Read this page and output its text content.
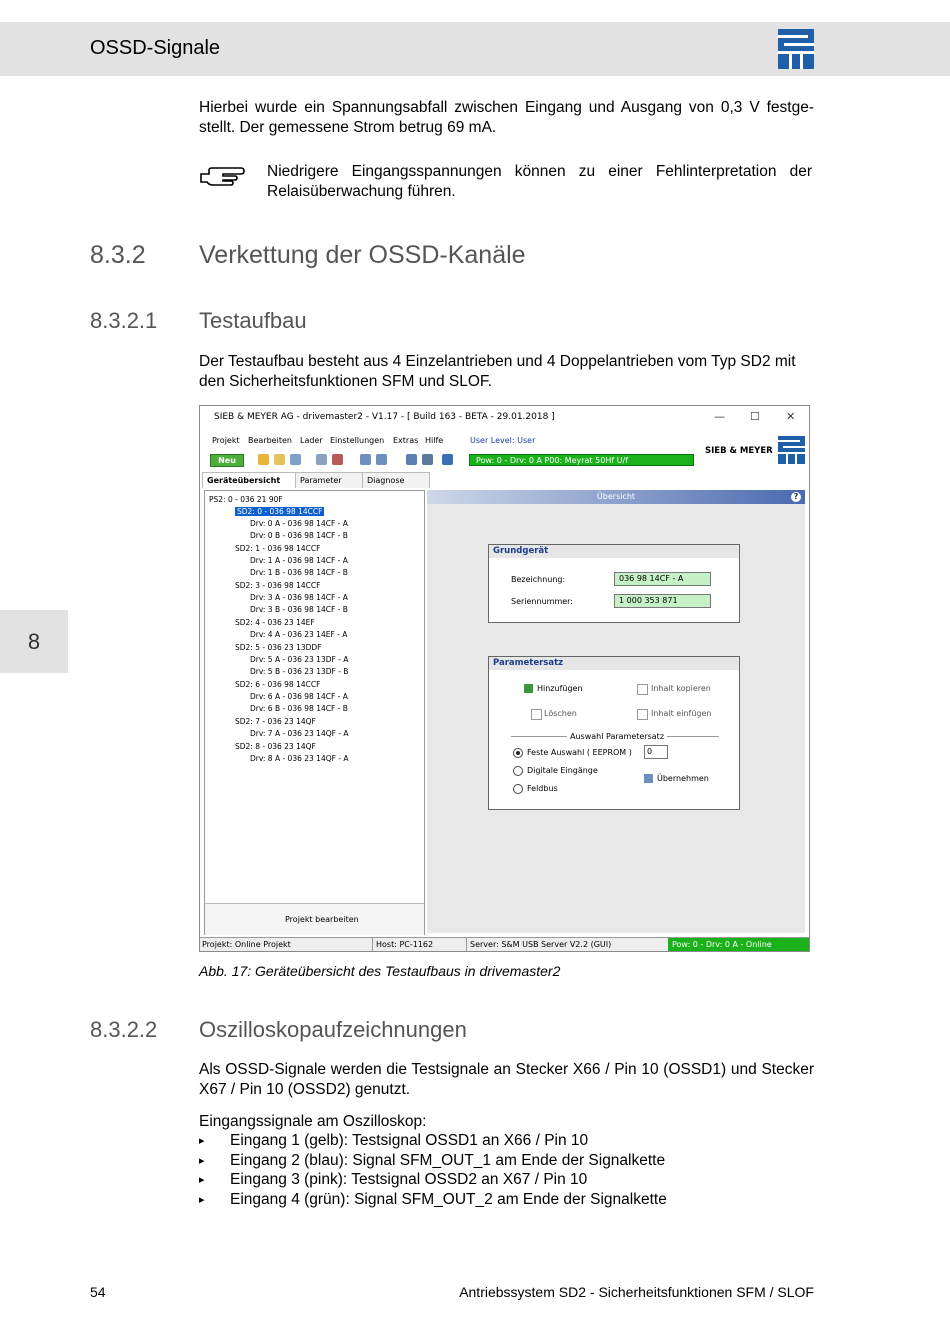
OSSD-Signale
8
Hierbei wurde ein Spannungsabfall zwischen Eingang und Ausgang von 0,3 V festge-stellt. Der gemessene Strom betrug 69 mA.
Niedrigere Eingangsspannungen können zu einer Fehlinterpretation der Relaisüberwachung führen.
8.3.2 Verkettung der OSSD-Kanäle
8.3.2.1 Testaufbau
Der Testaufbau besteht aus 4 Einzelantrieben und 4 Doppelantrieben vom Typ SD2 mit den Sicherheitsfunktionen SFM und SLOF.
SIEB & MEYER AG - drivemaster2 - V1.17 - [ Build 163 - BETA - 29.01.2018 ]	— ☐ ✕
Projekt Bearbeiten Lader Einstellungen Extras Hilfe	User Level: User
Neu	Pow: 0 - Drv: 0 A P00: Meyrat 50Hf U/f
SIEB & MEYER
Geräteübersicht	Parameter	Diagnose
PS2: 0 - 036 21 90F
SD2: 0 - 036 98 14CCF
Drv: 0 A - 036 98 14CF - A
Drv: 0 B - 036 98 14CF - B
SD2: 1 - 036 98 14CCF
Drv: 1 A - 036 98 14CF - A
Drv: 1 B - 036 98 14CF - B
SD2: 3 - 036 98 14CCF
Drv: 3 A - 036 98 14CF - A
Drv: 3 B - 036 98 14CF - B
SD2: 4 - 036 23 14EF
Drv: 4 A - 036 23 14EF - A
SD2: 5 - 036 23 13DDF
Drv: 5 A - 036 23 13DF - A
Drv: 5 B - 036 23 13DF - B
SD2: 6 - 036 98 14CCF
Drv: 6 A - 036 98 14CF - A
Drv: 6 B - 036 98 14CF - B
SD2: 7 - 036 23 14QF
Drv: 7 A - 036 23 14QF - A
SD2: 8 - 036 23 14QF
Drv: 8 A - 036 23 14QF - A
Projekt bearbeiten
Übersicht	?
Grundgerät
Bezeichnung:	036 98 14CF - A
Seriennummer:	1 000 353 871
Parametersatz
Hinzufügen	Inhalt kopieren
Löschen	Inhalt einfügen
Auswahl Parametersatz
Feste Auswahl ( EEPROM )	0
Digitale Eingänge
Feldbus
Übernehmen
Projekt: Online Projekt	Host: PC-1162	Server: S&M USB Server V2.2 (GUI)	Pow: 0 - Drv: 0 A - Online
Abb. 17: Geräteübersicht des Testaufbaus in drivemaster2
8.3.2.2 Oszilloskopaufzeichnungen
Als OSSD-Signale werden die Testsignale an Stecker X66 / Pin 10 (OSSD1) und Stecker X67 / Pin 10 (OSSD2) genutzt.
Eingangssignale am Oszilloskop:
▸ Eingang 1 (gelb): Testsignal OSSD1 an X66 / Pin 10
▸ Eingang 2 (blau): Signal SFM_OUT_1 am Ende der Signalkette
▸ Eingang 3 (pink): Testsignal OSSD2 an X67 / Pin 10
▸ Eingang 4 (grün): Signal SFM_OUT_2 am Ende der Signalkette
54	Antriebssystem SD2 - Sicherheitsfunktionen SFM / SLOF
